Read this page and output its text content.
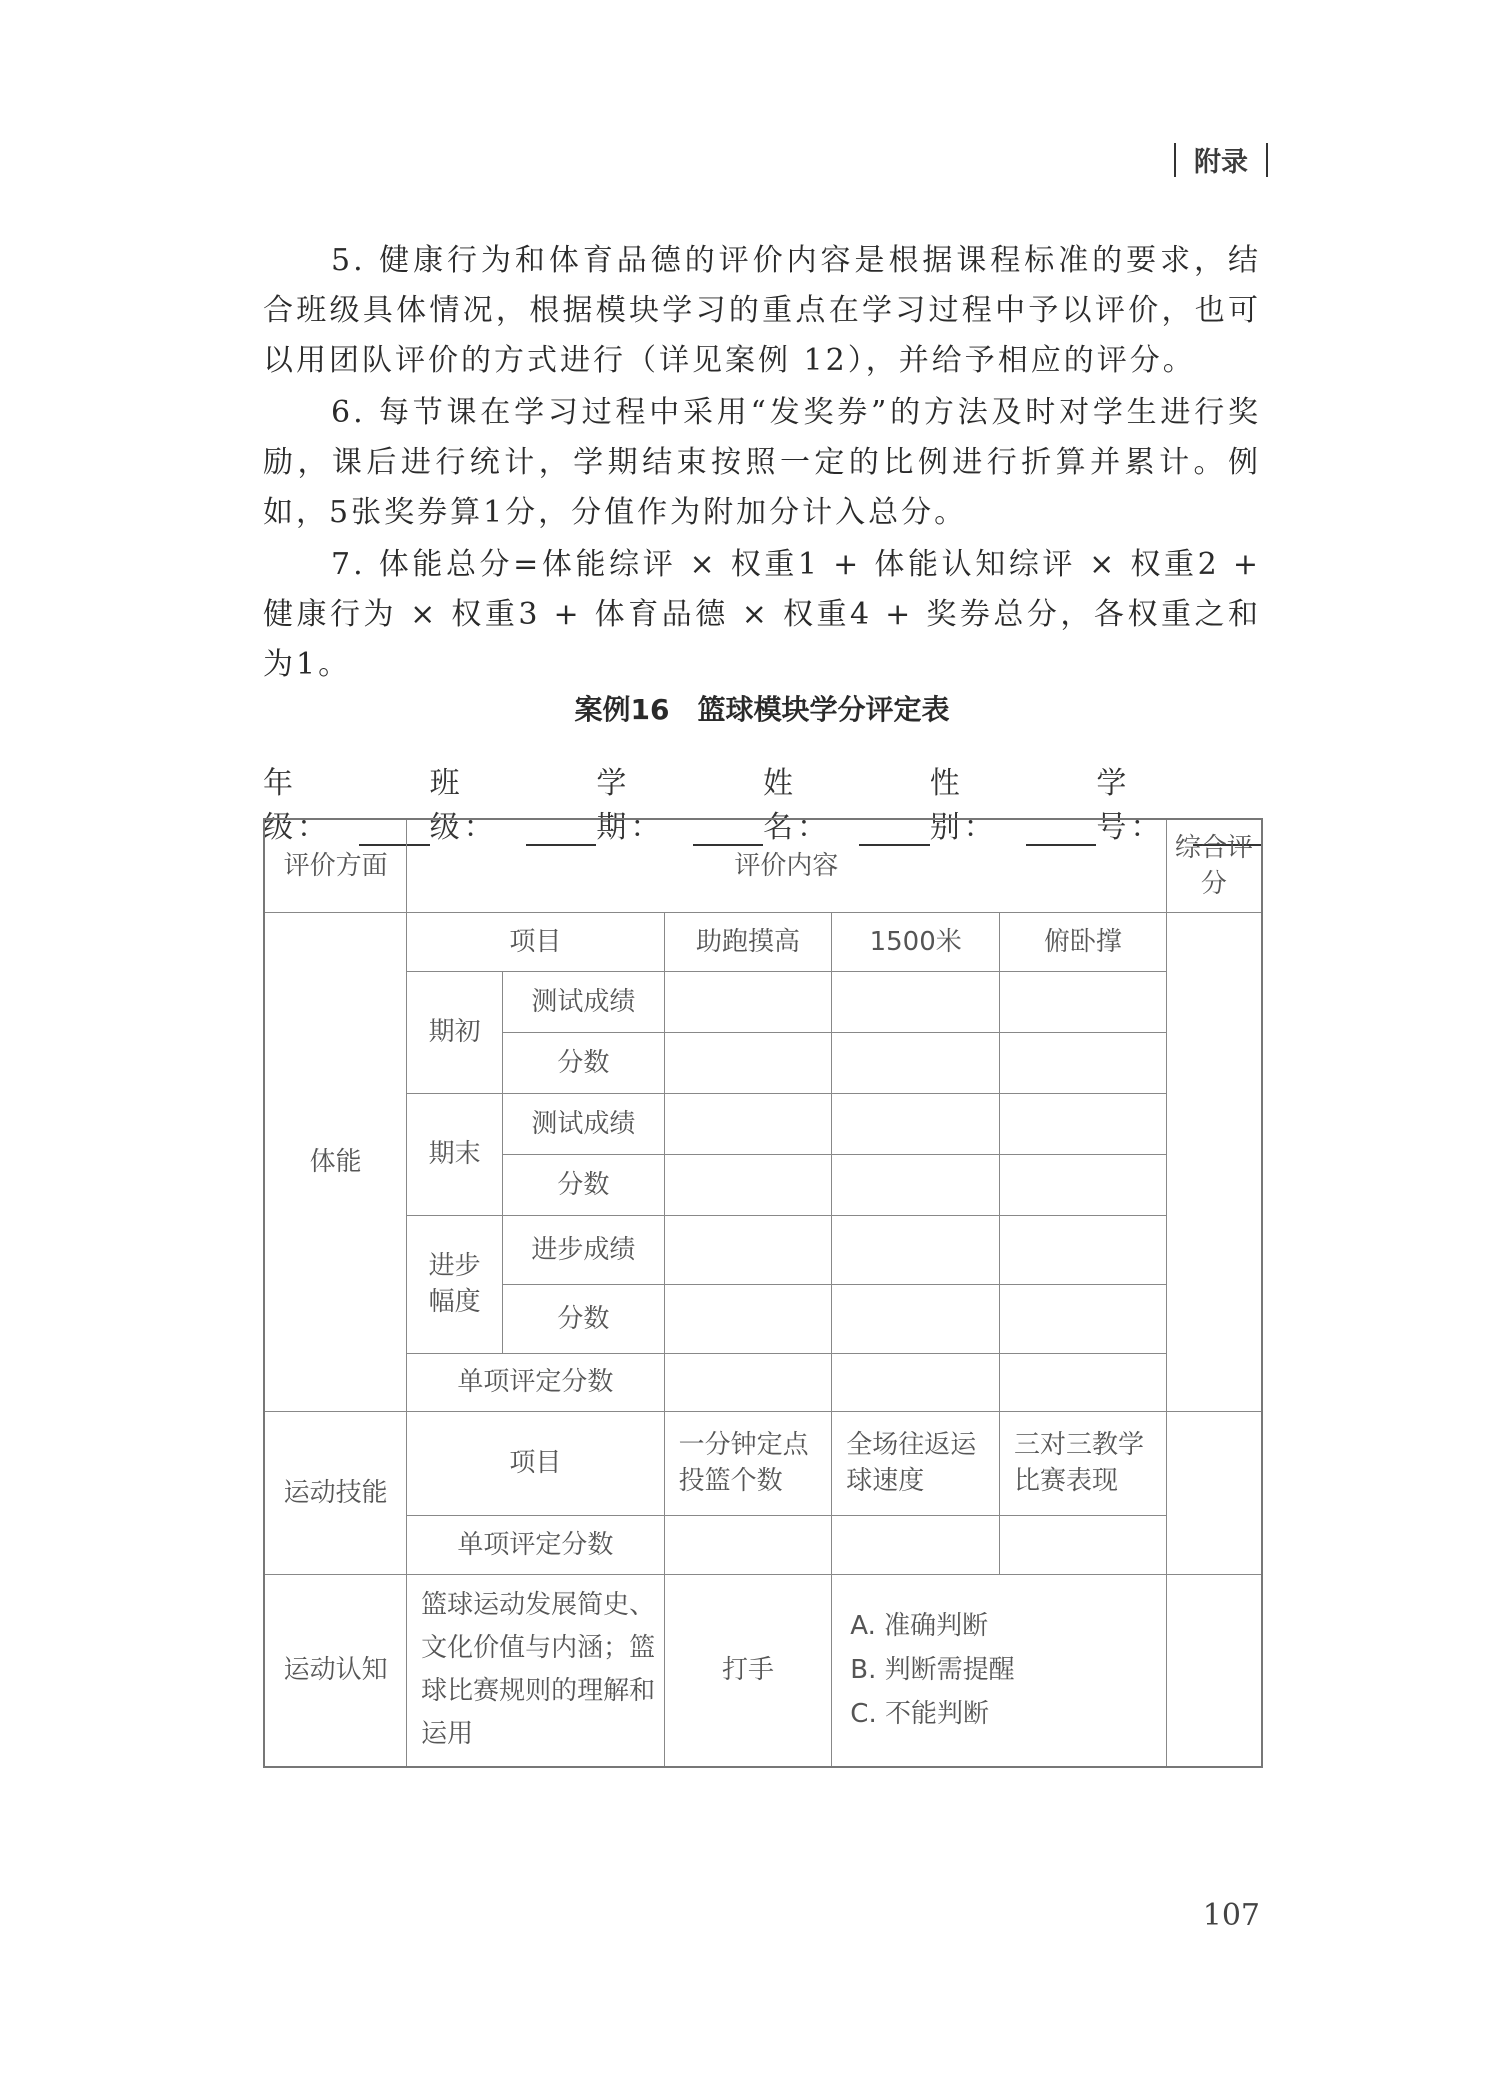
附录

5. 健康行为和体育品德的评价内容是根据课程标准的要求，结合班级具体情况，根据模块学习的重点在学习过程中予以评价，也可以用团队评价的方式进行（详见案例 12），并给予相应的评分。

6. 每节课在学习过程中采用“发奖券”的方法及时对学生进行奖励，课后进行统计，学期结束按照一定的比例进行折算并累计。例如，5张奖券算1分，分值作为附加分计入总分。

7. 体能总分=体能综评 × 权重1 + 体能认知综评 × 权重2 + 健康行为 × 权重3 + 体育品德 × 权重4 + 奖券总分，各权重之和为1。

案例16　篮球模块学分评定表
年级：
班级：
学期：
姓名：
性别：
学号：
评价方面	评价内容					综合评分
体能	项目		助跑摸高	1500米	俯卧撑	
	期初	测试成绩				
		分数				
	期末	测试成绩				
		分数				
	进步幅度	进步成绩				
		分数				
	单项评定分数					
运动技能	项目		一分钟定点投篮个数	全场往返运球速度	三对三教学比赛表现	
	单项评定分数					
运动认知	篮球运动发展简史、文化价值与内涵；篮球比赛规则的理解和运用		打手	A. 准确判断
B. 判断需提醒
C. 不能判断		

107
